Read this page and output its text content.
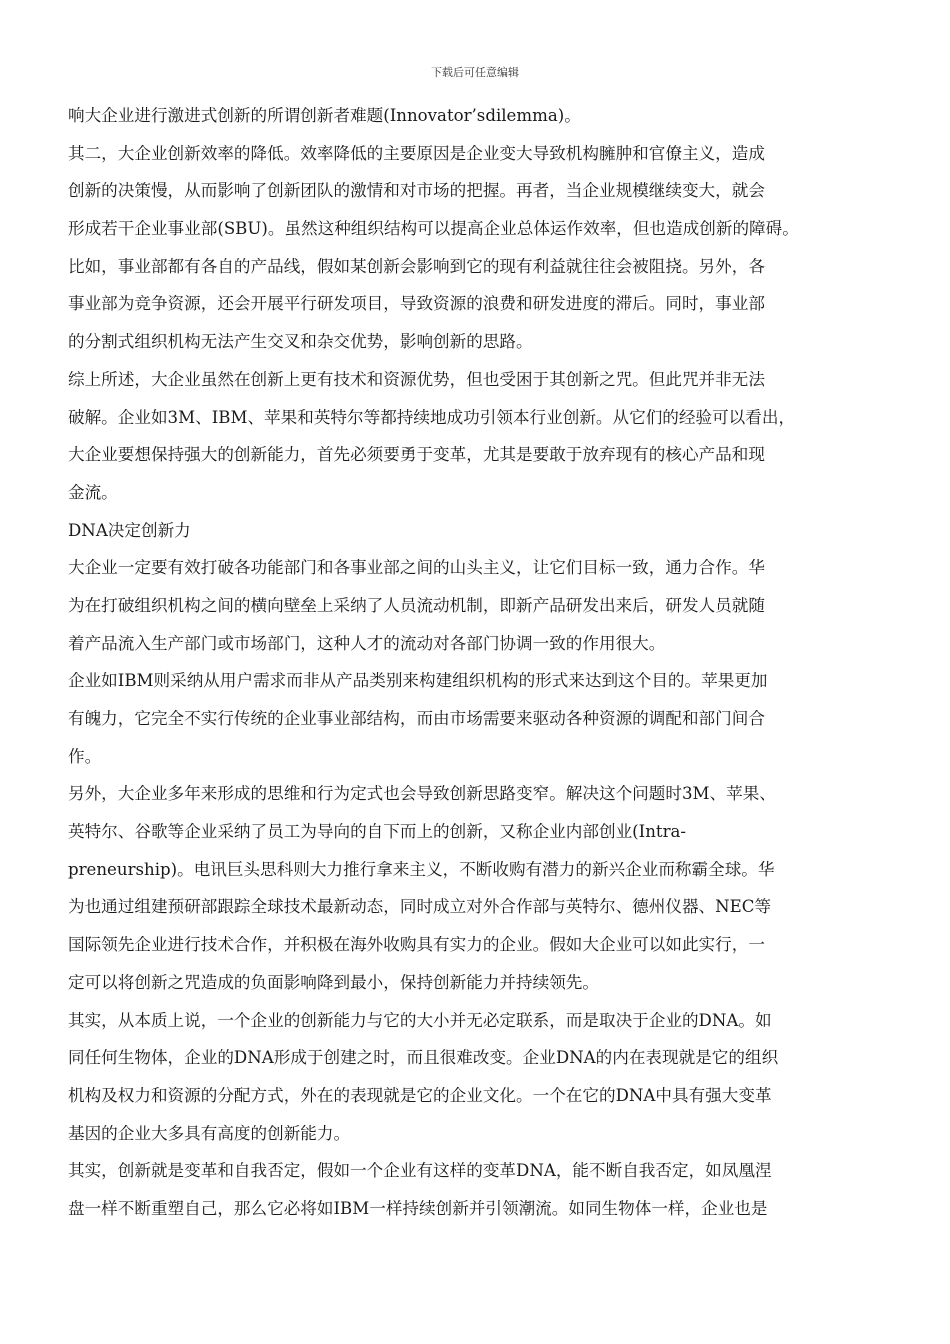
下载后可任意编辑
响大企业进行激进式创新的所谓创新者难题(Innovator’sdilemma)。
其二，大企业创新效率的降低。效率降低的主要原因是企业变大导致机构臃肿和官僚主义，造成
创新的决策慢，从而影响了创新团队的激情和对市场的把握。再者，当企业规模继续变大，就会
形成若干企业事业部(SBU)。虽然这种组织结构可以提高企业总体运作效率，但也造成创新的障碍。
比如，事业部都有各自的产品线，假如某创新会影响到它的现有利益就往往会被阻挠。另外，各
事业部为竞争资源，还会开展平行研发项目，导致资源的浪费和研发进度的滞后。同时，事业部
的分割式组织机构无法产生交叉和杂交优势，影响创新的思路。
综上所述，大企业虽然在创新上更有技术和资源优势，但也受困于其创新之咒。但此咒并非无法
破解。企业如3M、IBM、苹果和英特尔等都持续地成功引领本行业创新。从它们的经验可以看出，
大企业要想保持强大的创新能力，首先必须要勇于变革，尤其是要敢于放弃现有的核心产品和现
金流。
DNA决定创新力
大企业一定要有效打破各功能部门和各事业部之间的山头主义，让它们目标一致，通力合作。华
为在打破组织机构之间的横向壁垒上采纳了人员流动机制，即新产品研发出来后，研发人员就随
着产品流入生产部门或市场部门，这种人才的流动对各部门协调一致的作用很大。
企业如IBM则采纳从用户需求而非从产品类别来构建组织机构的形式来达到这个目的。苹果更加
有魄力，它完全不实行传统的企业事业部结构，而由市场需要来驱动各种资源的调配和部门间合
作。
另外，大企业多年来形成的思维和行为定式也会导致创新思路变窄。解决这个问题时3M、苹果、
英特尔、谷歌等企业采纳了员工为导向的自下而上的创新，又称企业内部创业(Intra-
preneurship)。电讯巨头思科则大力推行拿来主义，不断收购有潜力的新兴企业而称霸全球。华
为也通过组建预研部跟踪全球技术最新动态，同时成立对外合作部与英特尔、德州仪器、NEC等
国际领先企业进行技术合作，并积极在海外收购具有实力的企业。假如大企业可以如此实行，一
定可以将创新之咒造成的负面影响降到最小，保持创新能力并持续领先。
其实，从本质上说，一个企业的创新能力与它的大小并无必定联系，而是取决于企业的DNA。如
同任何生物体，企业的DNA形成于创建之时，而且很难改变。企业DNA的内在表现就是它的组织
机构及权力和资源的分配方式，外在的表现就是它的企业文化。一个在它的DNA中具有强大变革
基因的企业大多具有高度的创新能力。
其实，创新就是变革和自我否定，假如一个企业有这样的变革DNA，能不断自我否定，如凤凰涅
盘一样不断重塑自己，那么它必将如IBM一样持续创新并引领潮流。如同生物体一样，企业也是
